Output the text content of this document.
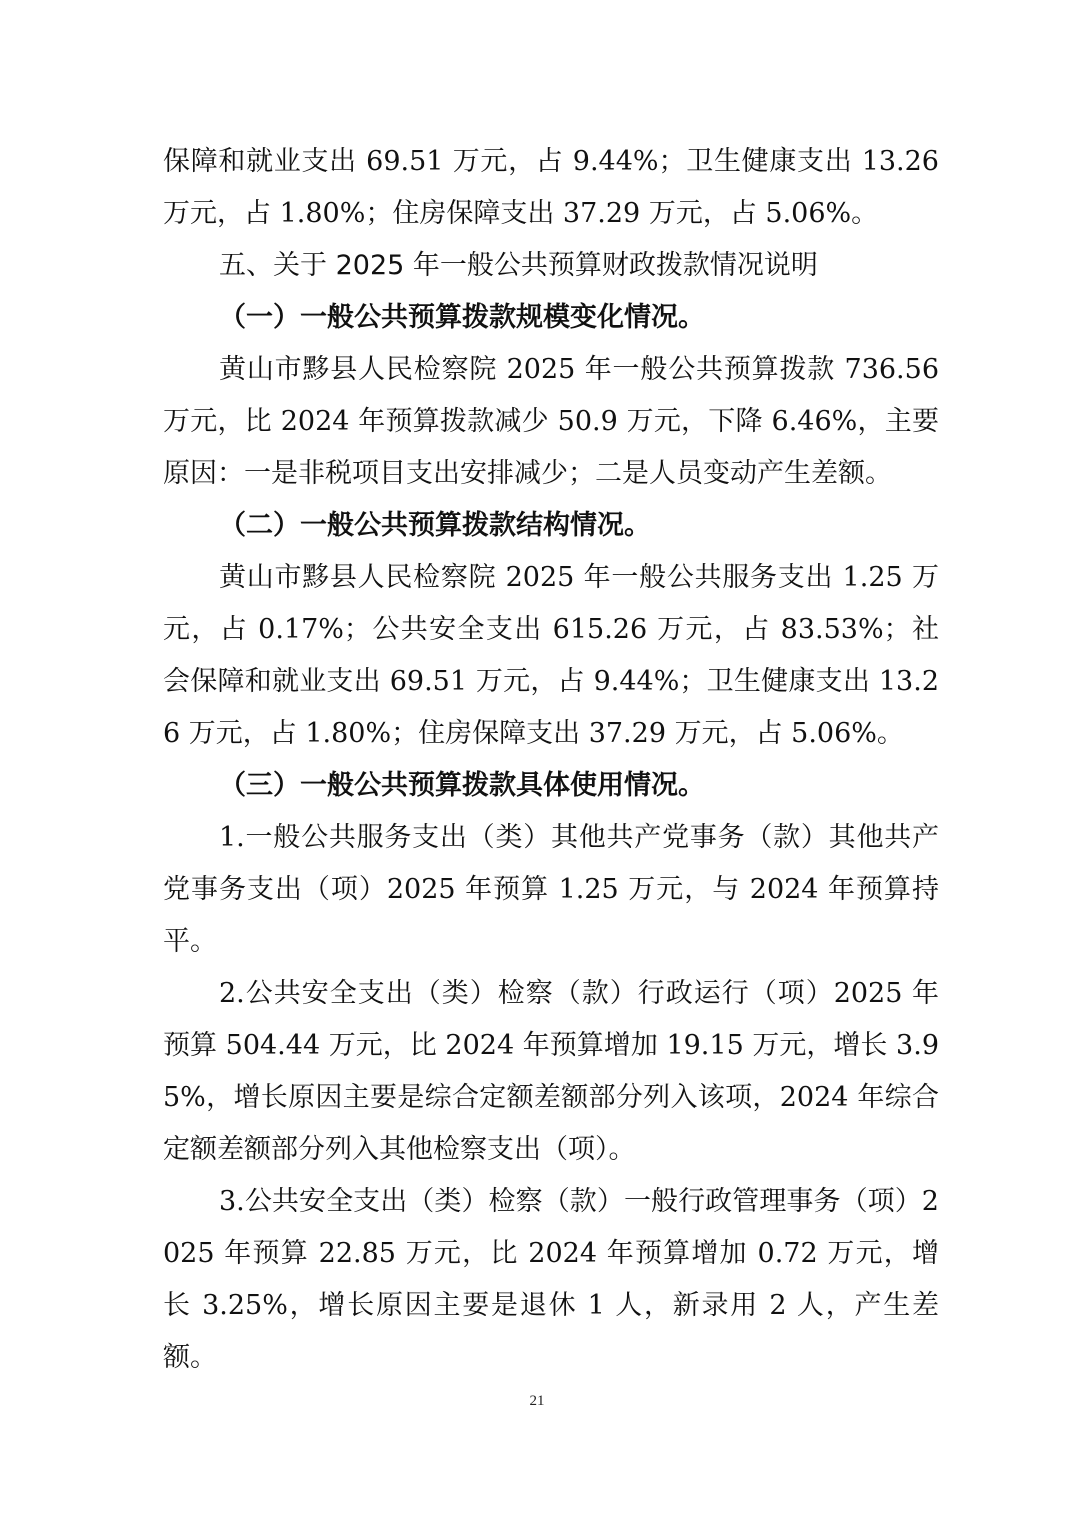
保障和就业支出 69.51 万元，占 9.44%；卫生健康支出 13.26 万元，占 1.80%；住房保障支出 37.29 万元，占 5.06%。

五、关于 2025 年一般公共预算财政拨款情况说明

（一）一般公共预算拨款规模变化情况。

黄山市黟县人民检察院 2025 年一般公共预算拨款 736.56 万元，比 2024 年预算拨款减少 50.9 万元，下降 6.46%，主要原因：一是非税项目支出安排减少；二是人员变动产生差额。

（二）一般公共预算拨款结构情况。

黄山市黟县人民检察院 2025 年一般公共服务支出 1.25 万元，占 0.17%；公共安全支出 615.26 万元，占 83.53%；社会保障和就业支出 69.51 万元，占 9.44%；卫生健康支出 13.26 万元，占 1.80%；住房保障支出 37.29 万元，占 5.06%。

（三）一般公共预算拨款具体使用情况。

1.一般公共服务支出（类）其他共产党事务（款）其他共产党事务支出（项）2025 年预算 1.25 万元，与 2024 年预算持平。

2.公共安全支出（类）检察（款）行政运行（项）2025 年预算 504.44 万元，比 2024 年预算增加 19.15 万元，增长 3.95%，增长原因主要是综合定额差额部分列入该项，2024 年综合定额差额部分列入其他检察支出（项）。

3.公共安全支出（类）检察（款）一般行政管理事务（项）2025 年预算 22.85 万元，比 2024 年预算增加 0.72 万元，增长 3.25%，增长原因主要是退休 1 人，新录用 2 人，产生差额。

21
